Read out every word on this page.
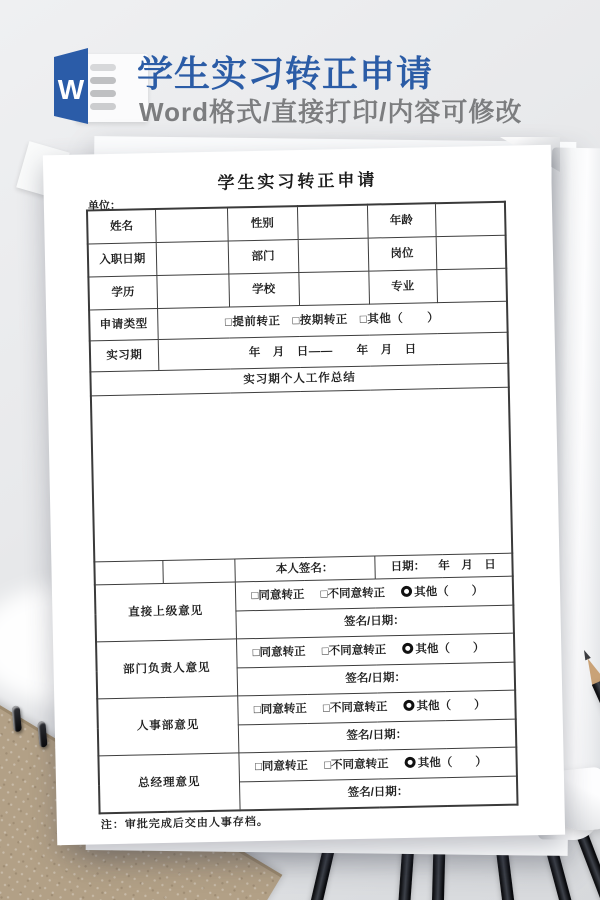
W 学生实习转正申请
Word格式/直接打印/内容可修改
学生实习转正申请
单位：
姓名		性别		年龄	
入职日期		部门		岗位	
学历		学校		专业	
申请类型	□提前转正　□按期转正　□其他（　　）				
实习期	年　月　日——　　年　月　日				
实习期个人工作总结					

		本人签名：		日期： 年　月　日	
直接上级意见		□同意转正 □不同意转正 其他（　　）			
		签名/日期：			
部门负责人意见		□同意转正 □不同意转正 其他（　　）			
		签名/日期：			
人事部意见		□同意转正 □不同意转正 其他（　　）			
		签名/日期：			
总经理意见		□同意转正 □不同意转正 其他（　　）			
		签名/日期：			
注：审批完成后交由人事存档。
